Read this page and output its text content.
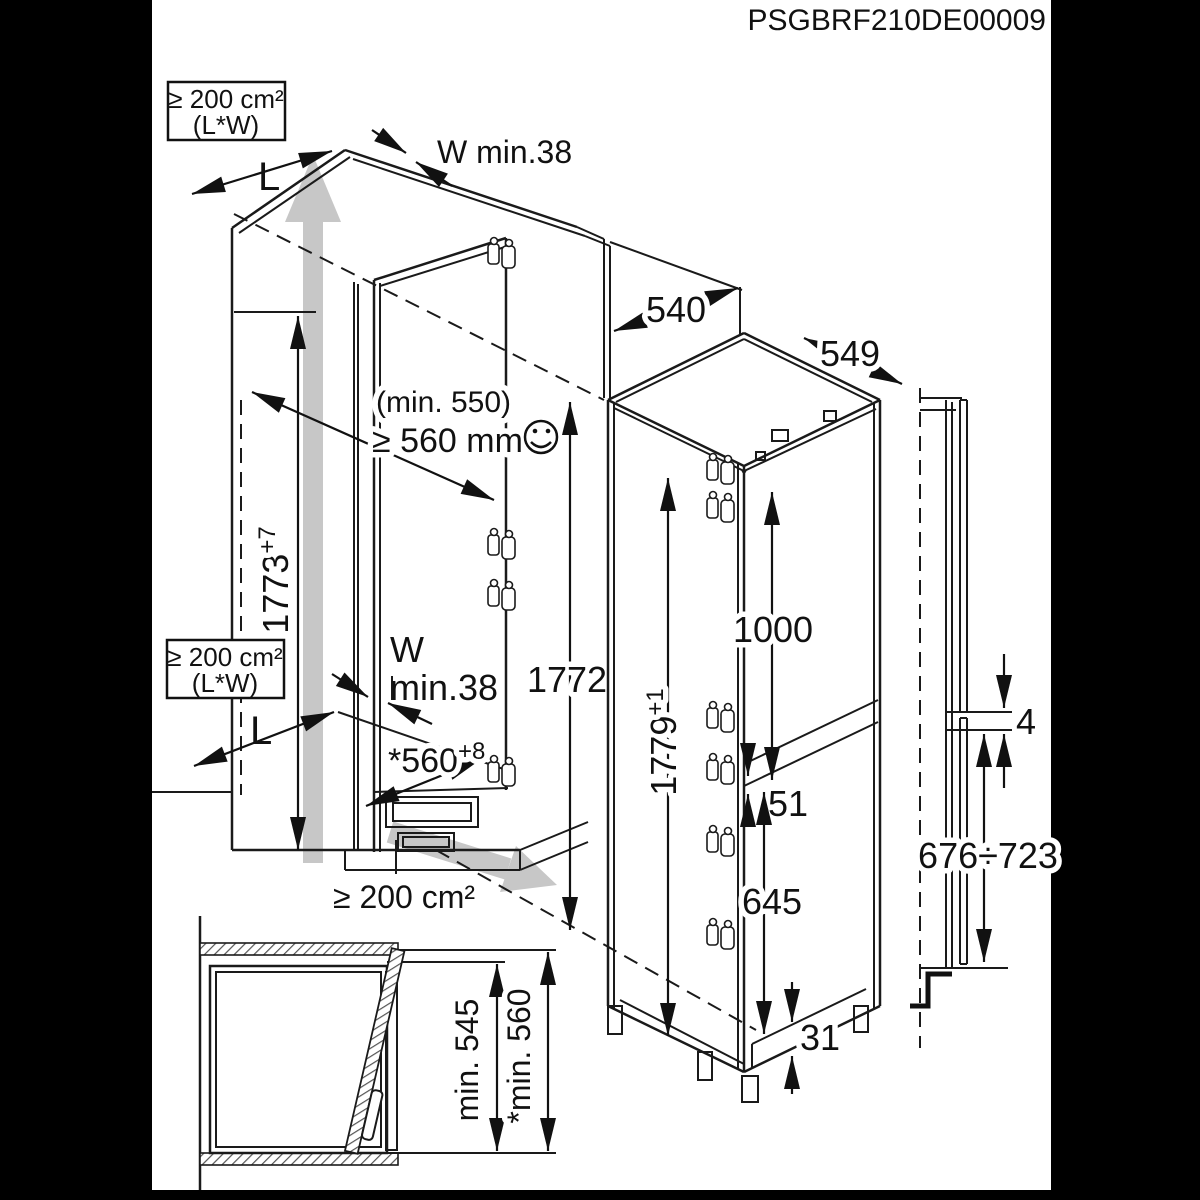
PSGBRF210DE00009
≥ 200 cm²
(L*W)
L
W min.38
(min. 550)
≥ 560 mm
$1773^{+7}$
≥ 200 cm²
(L*W)
W
min.38
L
$*560^{+8}$
1772
≥ 200 cm²
540
549
$1779^{+1}$
1000
51
645
31
4
676÷723
min. 545 *min. 560
